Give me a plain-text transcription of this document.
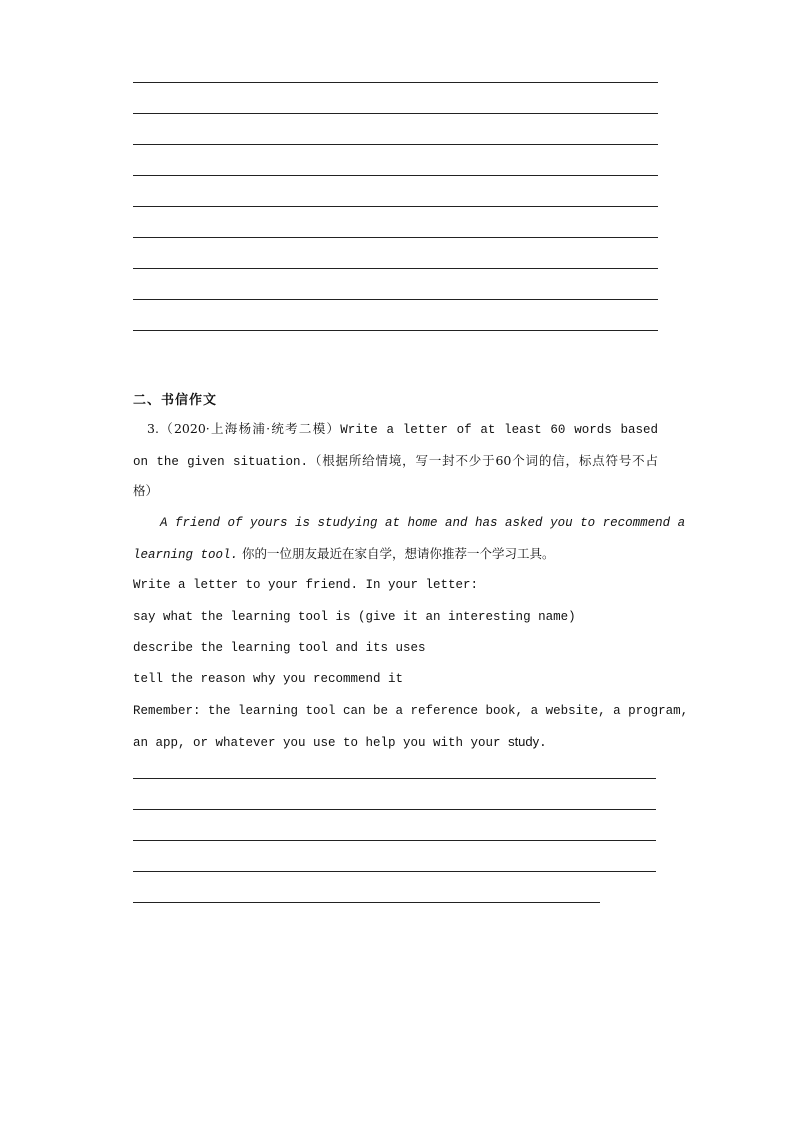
二、书信作文
3.（2020·上海杨浦·统考二模）Write a letter of at least 60 words based
on the given situation.（根据所给情境，写一封不少于60个词的信，标点符号不占
格）
A friend of yours is studying at home and has asked you to recommend a
learning tool. 你的一位朋友最近在家自学，想请你推荐一个学习工具。
Write a letter to your friend. In your letter:
say what the learning tool is (give it an interesting name)
describe the learning tool and its uses
tell the reason why you recommend it
Remember: the learning tool can be a reference book, a website, a program,
an app, or whatever you use to help you with your study.
